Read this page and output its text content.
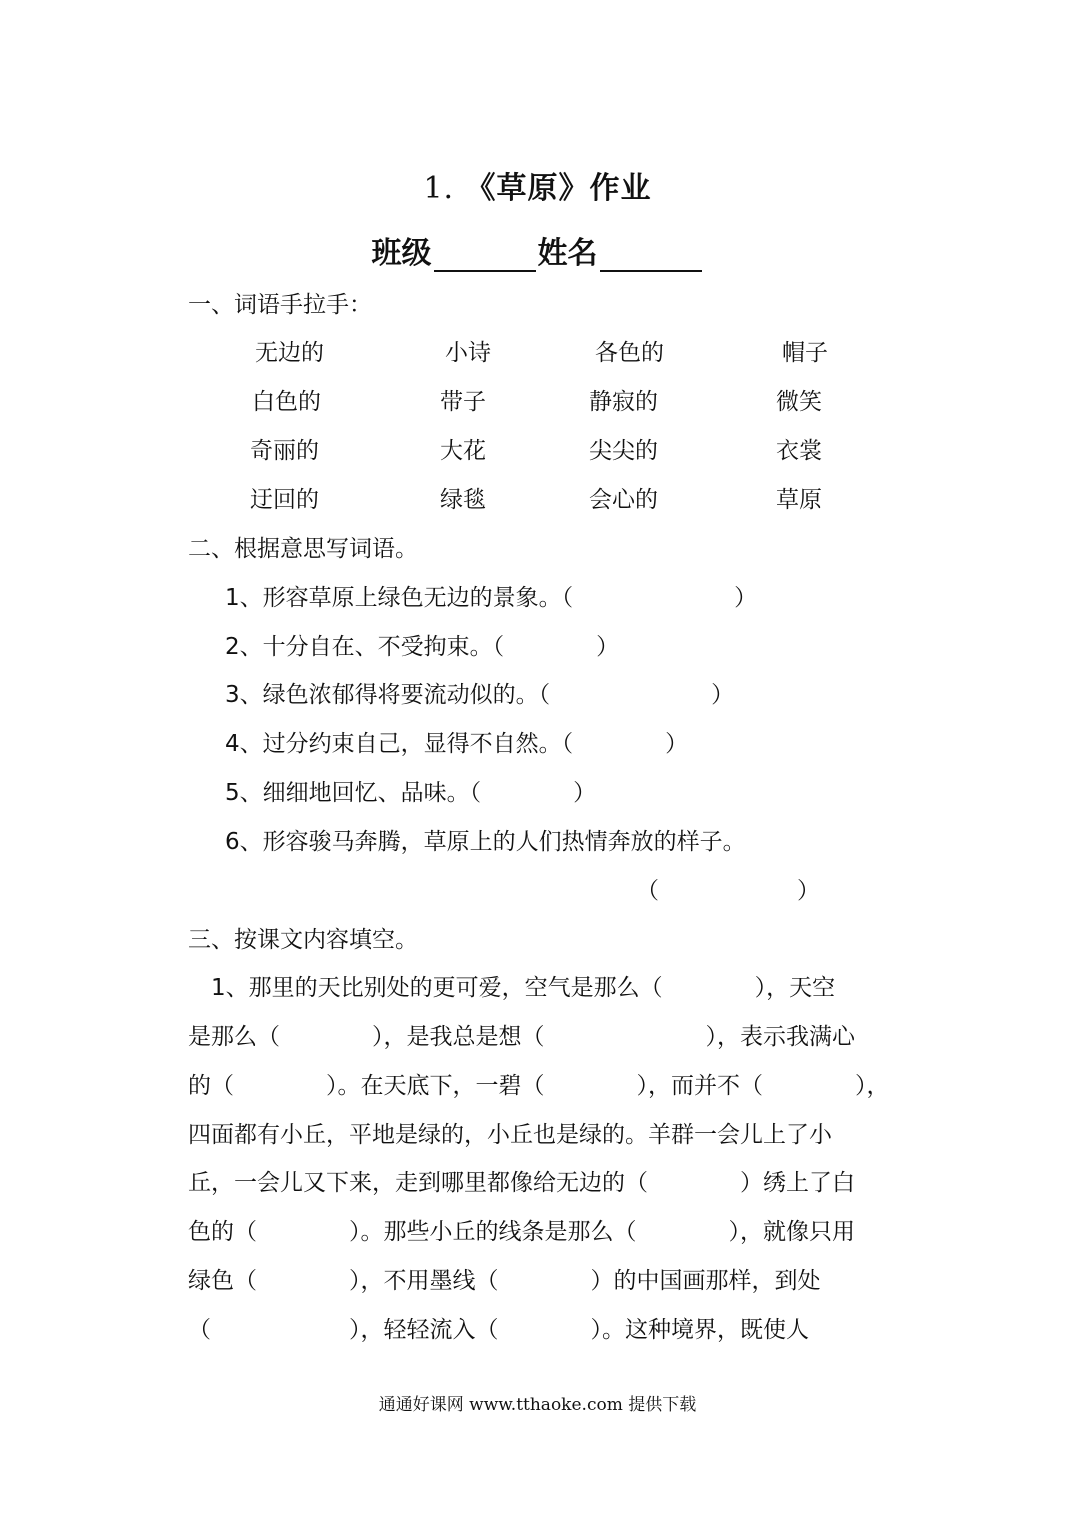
1. 《草原》作业
班级	姓名
一、词语手拉手：
无边的	小诗	各色的	帽子
白色的	带子	静寂的	微笑
奇丽的	大花	尖尖的	衣裳
迂回的	绿毯	会心的	草原
二、根据意思写词语。
1、形容草原上绿色无边的景象。（　　　　　　　）
2、十分自在、不受拘束。（　　　　）
3、绿色浓郁得将要流动似的。（　　　　　　　）
4、过分约束自己，显得不自然。（　　　　）
5、细细地回忆、品味。（　　　　）
6、形容骏马奔腾，草原上的人们热情奔放的样子。
（　　　　　　）
三、按课文内容填空。
　1、那里的天比别处的更可爱，空气是那么（　　　　），天空
是那么（　　　　），是我总是想（　　　　　　　），表示我满心
的（　　　　）。在天底下，一碧（　　　　），而并不（　　　　），
四面都有小丘，平地是绿的，小丘也是绿的。羊群一会儿上了小
丘，一会儿又下来，走到哪里都像给无边的（　　　　）绣上了白
色的（　　　　）。那些小丘的线条是那么（　　　　），就像只用
绿色（　　　　），不用墨线（　　　　）的中国画那样，到处
（　　　　　　），轻轻流入（　　　　）。这种境界，既使人
通通好课网 www.tthaoke.com 提供下载
